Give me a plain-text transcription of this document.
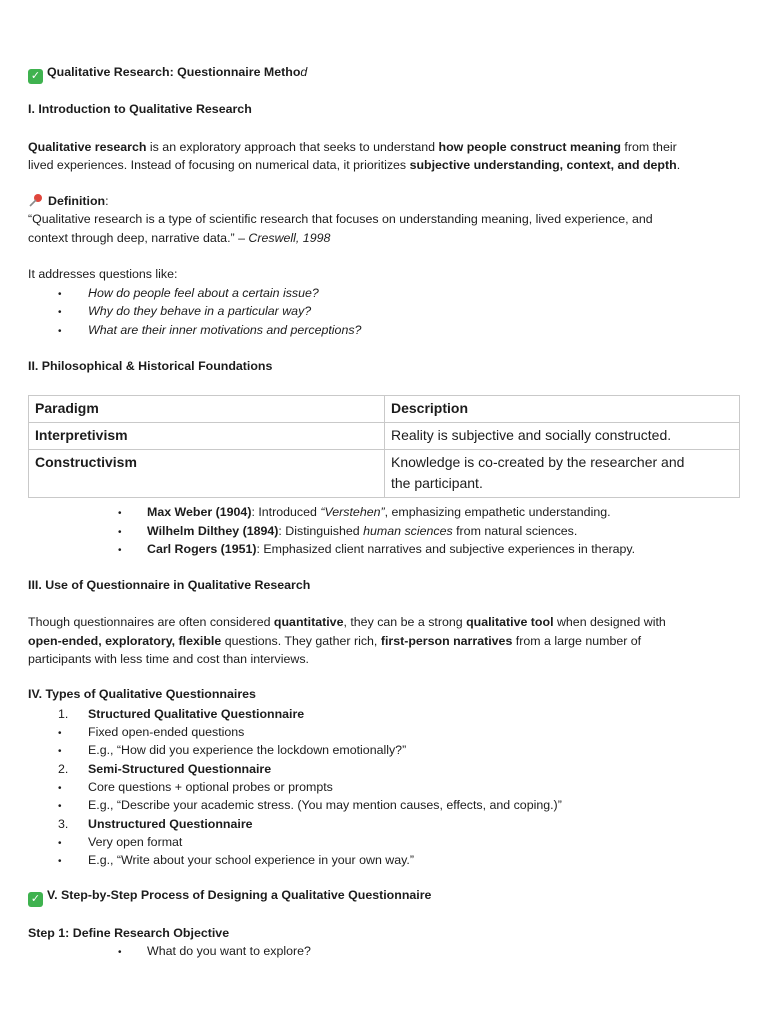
✓ Qualitative Research: Questionnaire Method
I. Introduction to Qualitative Research
Qualitative research is an exploratory approach that seeks to understand how people construct meaning from their
lived experiences. Instead of focusing on numerical data, it prioritizes subjective understanding, context, and depth.
Definition:
“Qualitative research is a type of scientific research that focuses on understanding meaning, lived experience, and
context through deep, narrative data.” – Creswell, 1998
It addresses questions like:
• How do people feel about a certain issue?
• Why do they behave in a particular way?
• What are their inner motivations and perceptions?
II. Philosophical & Historical Foundations
Paradigm	Description
Interpretivism	Reality is subjective and socially constructed.
Constructivism	Knowledge is co-created by the researcher and
the participant.
• Max Weber (1904): Introduced “Verstehen”, emphasizing empathetic understanding.
• Wilhelm Dilthey (1894): Distinguished human sciences from natural sciences.
• Carl Rogers (1951): Emphasized client narratives and subjective experiences in therapy.
III. Use of Questionnaire in Qualitative Research
Though questionnaires are often considered quantitative, they can be a strong qualitative tool when designed with
open-ended, exploratory, flexible questions. They gather rich, first-person narratives from a large number of
participants with less time and cost than interviews.
IV. Types of Qualitative Questionnaires
1. Structured Qualitative Questionnaire
• Fixed open-ended questions
• E.g., “How did you experience the lockdown emotionally?”
2. Semi-Structured Questionnaire
• Core questions + optional probes or prompts
• E.g., “Describe your academic stress. (You may mention causes, effects, and coping.)”
3. Unstructured Questionnaire
• Very open format
• E.g., “Write about your school experience in your own way.”
✓ V. Step-by-Step Process of Designing a Qualitative Questionnaire
Step 1: Define Research Objective
• What do you want to explore?
